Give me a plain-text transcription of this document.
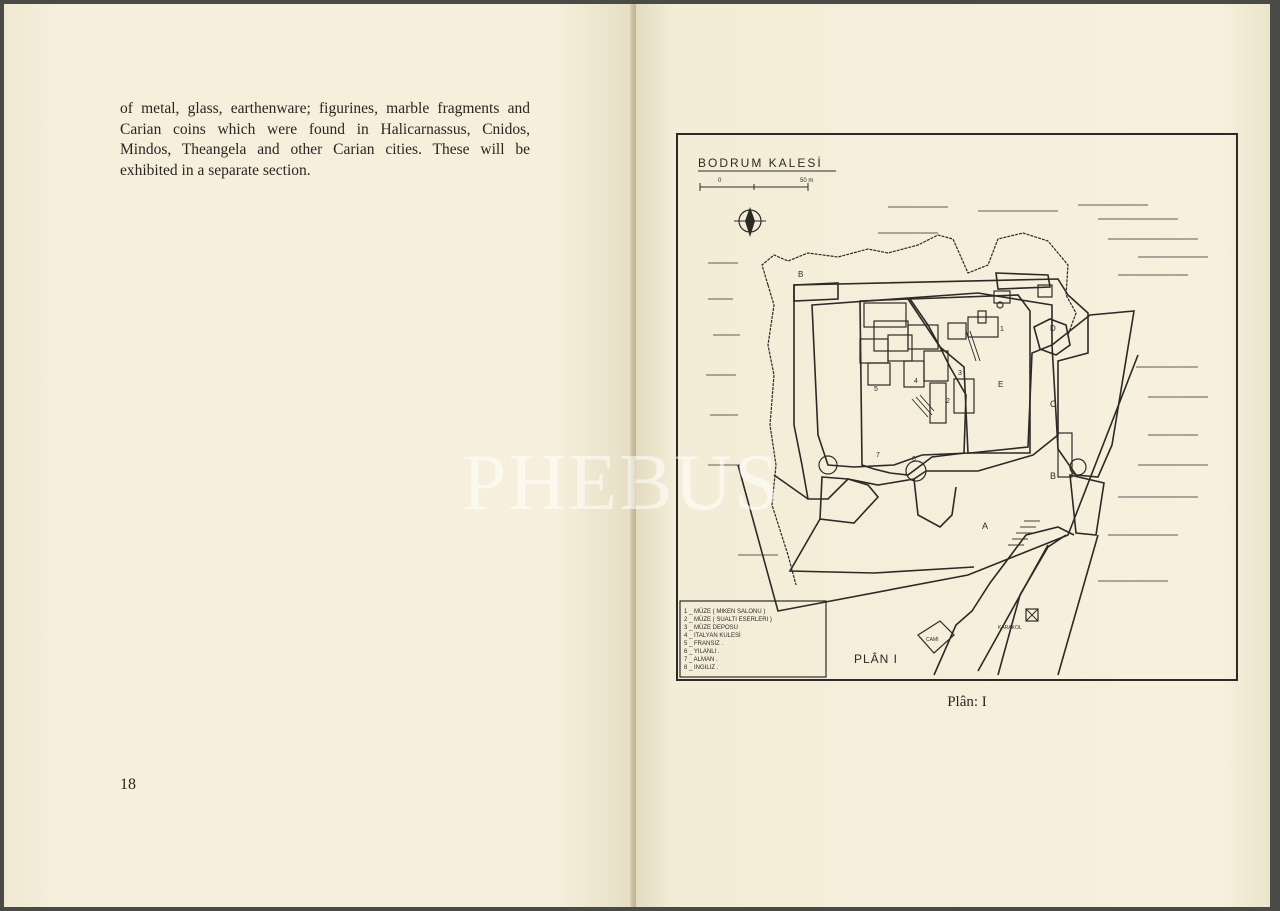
of metal, glass, earthenware; figurines, marble fragments and Carian coins which were found in Halicarnassus, Cnidos, Mindos, Theangela and other Carian cities. These will be exhibited in a separate section.

18
BODRUM KALESİ
0	50 m
A
B
B
C
D
E
1
2
3
4
5
6
7
CAMİ
KARAKOL
1 _ MÜZE ( MIKEN SALONU )
2 _ MÜZE ( SUALTI ESERLERI )
3 _ MÜZE DEPOSU
4 _ ITALYAN KULESİ
5 _ FRANSIZ .
6 _ YILANLI .
7 _ ALMAN .
8 _ INGILIZ .
PLÂN I
Plân: I
PHEBUS
